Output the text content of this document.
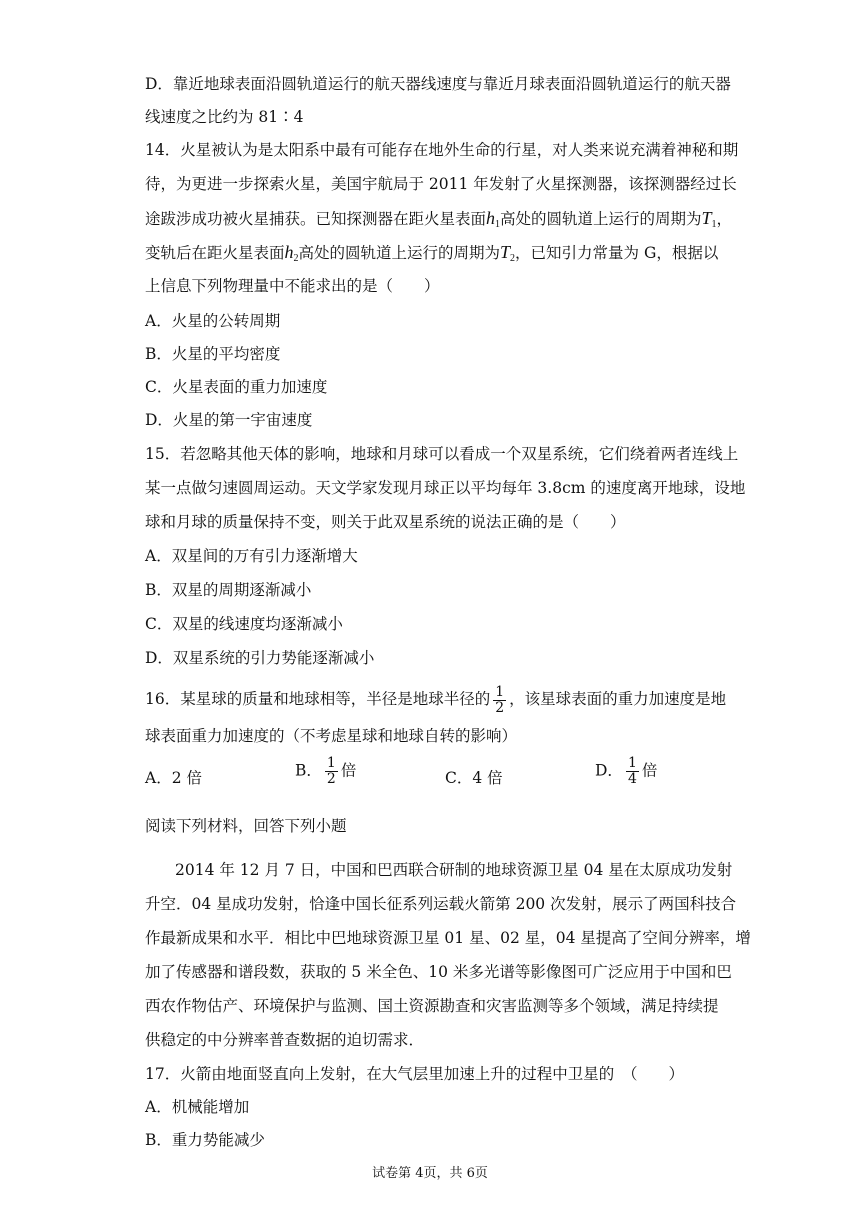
D．靠近地球表面沿圆轨道运行的航天器线速度与靠近月球表面沿圆轨道运行的航天器
线速度之比约为 81∶4
14．火星被认为是太阳系中最有可能存在地外生命的行星，对人类来说充满着神秘和期
待，为更进一步探索火星，美国宇航局于 2011 年发射了火星探测器，该探测器经过长
途跋涉成功被火星捕获。已知探测器在距火星表面$h_1$高处的圆轨道上运行的周期为$T_1$，
变轨后在距火星表面$h_2$高处的圆轨道上运行的周期为$T_2$，已知引力常量为 G，根据以
上信息下列物理量中不能求出的是（　　）
A．火星的公转周期
B．火星的平均密度
C．火星表面的重力加速度
D．火星的第一宇宙速度
15．若忽略其他天体的影响，地球和月球可以看成一个双星系统，它们绕着两者连线上
某一点做匀速圆周运动。天文学家发现月球正以平均每年 3.8cm 的速度离开地球，设地
球和月球的质量保持不变，则关于此双星系统的说法正确的是（　　）
A．双星间的万有引力逐渐增大
B．双星的周期逐渐减小
C．双星的线速度均逐渐减小
D．双星系统的引力势能逐渐减小
16．某星球的质量和地球相等，半径是地球半径的 $\frac{1}{2}$ ，该星球表面的重力加速度是地
球表面重力加速度的（不考虑星球和地球自转的影响）
A．2 倍	B． $\frac{1}{2}$ 倍	C．4 倍	D． $\frac{1}{4}$ 倍
阅读下列材料，回答下列小题
2014 年 12 月 7 日，中国和巴西联合研制的地球资源卫星 04 星在太原成功发射
升空．04 星成功发射，恰逢中国长征系列运载火箭第 200 次发射，展示了两国科技合
作最新成果和水平．相比中巴地球资源卫星 01 星、02 星，04 星提高了空间分辨率，增
加了传感器和谱段数，获取的 5 米全色、10 米多光谱等影像图可广泛应用于中国和巴
西农作物估产、环境保护与监测、国土资源勘查和灾害监测等多个领域，满足持续提
供稳定的中分辨率普查数据的迫切需求．
17．火箭由地面竖直向上发射，在大气层里加速上升的过程中卫星的　（　　）
A．机械能增加
B．重力势能减少
试卷第 4页，共 6页
